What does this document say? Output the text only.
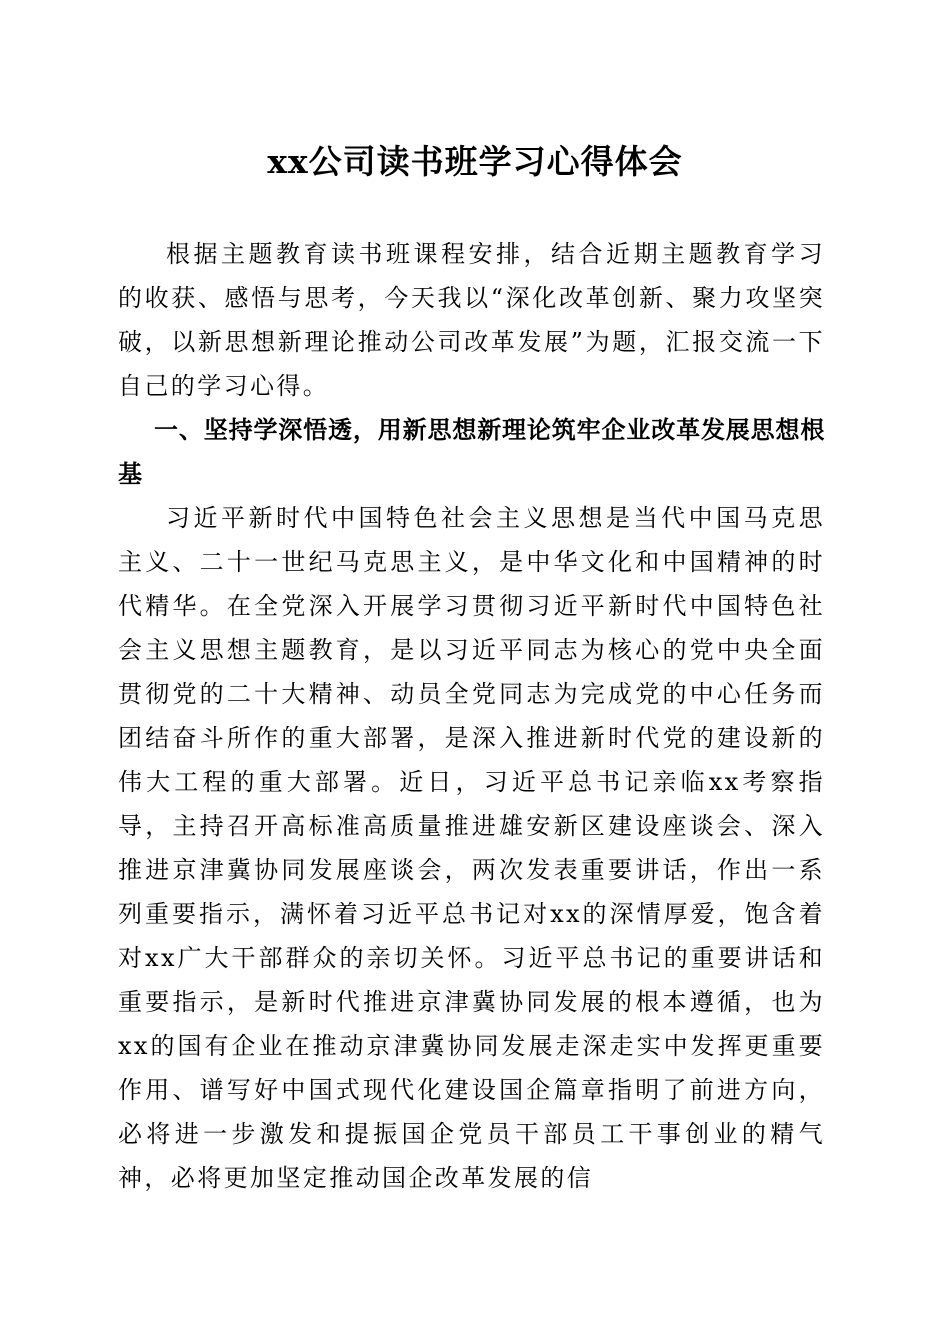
xx公司读书班学习心得体会

根据主题教育读书班课程安排，结合近期主题教育学习的收获、感悟与思考，今天我以“深化改革创新、聚力攻坚突破，以新思想新理论推动公司改革发展”为题，汇报交流一下自己的学习心得。

一、坚持学深悟透，用新思想新理论筑牢企业改革发展思想根基

习近平新时代中国特色社会主义思想是当代中国马克思主义、二十一世纪马克思主义，是中华文化和中国精神的时代精华。在全党深入开展学习贯彻习近平新时代中国特色社会主义思想主题教育，是以习近平同志为核心的党中央全面贯彻党的二十大精神、动员全党同志为完成党的中心任务而团结奋斗所作的重大部署，是深入推进新时代党的建设新的伟大工程的重大部署。近日，习近平总书记亲临xx考察指导，主持召开高标准高质量推进雄安新区建设座谈会、深入推进京津冀协同发展座谈会，两次发表重要讲话，作出一系列重要指示，满怀着习近平总书记对xx的深情厚爱，饱含着对xx广大干部群众的亲切关怀。习近平总书记的重要讲话和重要指示，是新时代推进京津冀协同发展的根本遵循，也为xx的国有企业在推动京津冀协同发展走深走实中发挥更重要作用、谱写好中国式现代化建设国企篇章指明了前进方向，必将进一步激发和提振国企党员干部员工干事创业的精气神，必将更加坚定推动国企改革发展的信
